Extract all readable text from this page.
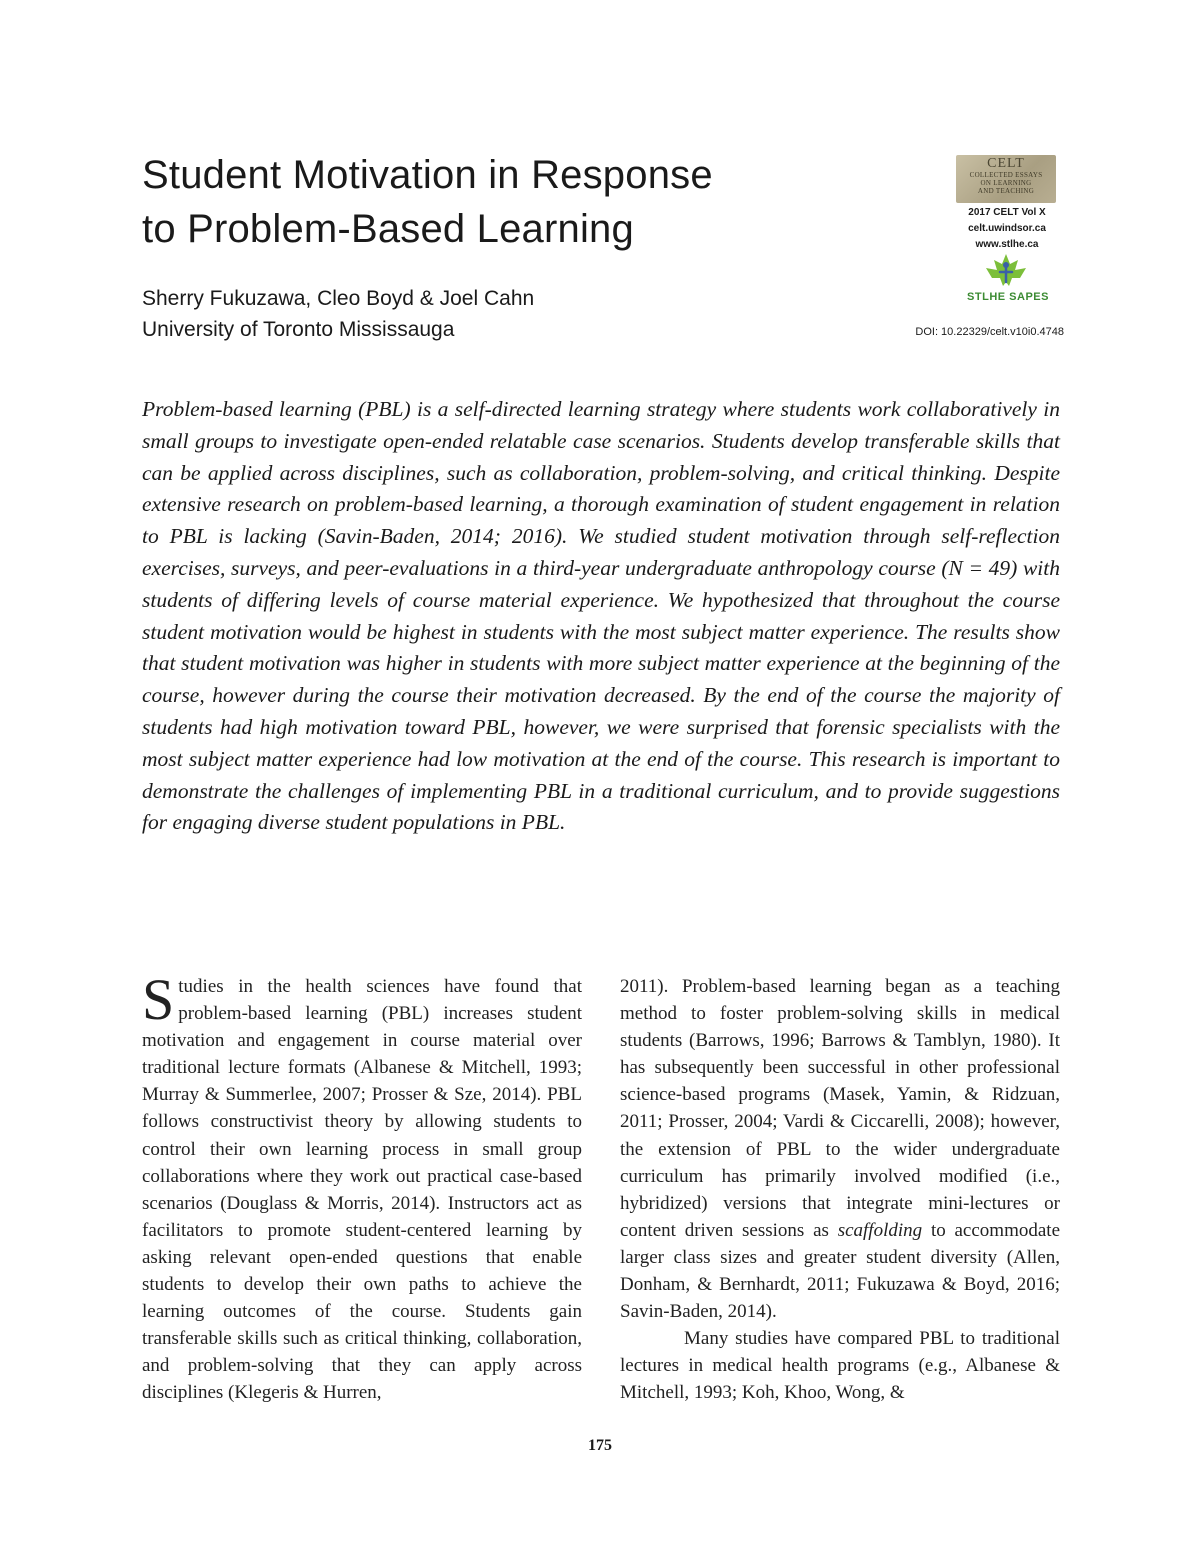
Student Motivation in Response
to Problem-Based Learning
Sherry Fukuzawa, Cleo Boyd & Joel Cahn
University of Toronto Mississauga
CELT
COLLECTED ESSAYS
ON LEARNING
AND TEACHING
2017 CELT Vol X
celt.uwindsor.ca
www.stlhe.ca
STLHE SAPES
DOI: 10.22329/celt.v10i0.4748

Problem-based learning (PBL) is a self-directed learning strategy where students work collaboratively in small groups to investigate open-ended relatable case scenarios. Students develop transferable skills that can be applied across disciplines, such as collaboration, problem-solving, and critical thinking. Despite extensive research on problem-based learning, a thorough examination of student engagement in relation to PBL is lacking (Savin-Baden, 2014; 2016). We studied student motivation through self-reflection exercises, surveys, and peer-evaluations in a third-year undergraduate anthropology course (N = 49) with students of differing levels of course material experience. We hypothesized that throughout the course student motivation would be highest in students with the most subject matter experience. The results show that student motivation was higher in students with more subject matter experience at the beginning of the course, however during the course their motivation decreased. By the end of the course the majority of students had high motivation toward PBL, however, we were surprised that forensic specialists with the most subject matter experience had low motivation at the end of the course. This research is important to demonstrate the challenges of implementing PBL in a traditional curriculum, and to provide suggestions for engaging diverse student populations in PBL.

Studies in the health sciences have found that problem-based learning (PBL) increases student motivation and engagement in course material over traditional lecture formats (Albanese & Mitchell, 1993; Murray & Summerlee, 2007; Prosser & Sze, 2014). PBL follows constructivist theory by allowing students to control their own learning process in small group collaborations where they work out practical case-based scenarios (Douglass & Morris, 2014). Instructors act as facilitators to promote student-centered learning by asking relevant open-ended questions that enable students to develop their own paths to achieve the learning outcomes of the course. Students gain transferable skills such as critical thinking, collaboration, and problem-solving that they can apply across disciplines (Klegeris & Hurren,

2011). Problem-based learning began as a teaching method to foster problem-solving skills in medical students (Barrows, 1996; Barrows & Tamblyn, 1980). It has subsequently been successful in other professional science-based programs (Masek, Yamin, & Ridzuan, 2011; Prosser, 2004; Vardi & Ciccarelli, 2008); however, the extension of PBL to the wider undergraduate curriculum has primarily involved modified (i.e., hybridized) versions that integrate mini-lectures or content driven sessions as scaffolding to accommodate larger class sizes and greater student diversity (Allen, Donham, & Bernhardt, 2011; Fukuzawa & Boyd, 2016; Savin-Baden, 2014).

Many studies have compared PBL to traditional lectures in medical health programs (e.g., Albanese & Mitchell, 1993; Koh, Khoo, Wong, &

175
